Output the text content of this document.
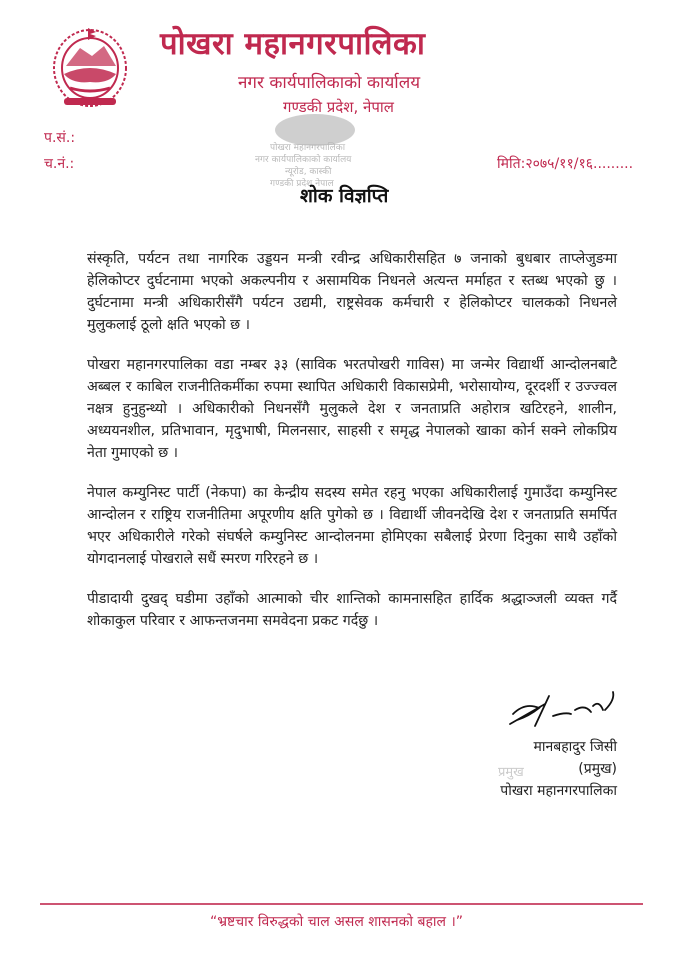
पोखरा महानगरपालिका
नगर कार्यपालिकाको कार्यालय
गण्डकी प्रदेश, नेपाल
पोखरा महानगरपालिका
नगर कार्यपालिकाको कार्यालय
न्यूरोड, कास्की
गण्डकी प्रदेश नेपाल
प.सं.:
च.नं.:	मिति:२०७५/११/१६.........
शोक विज्ञप्ति

संस्कृति, पर्यटन तथा नागरिक उड्डयन मन्त्री रवीन्द्र अधिकारीसहित ७ जनाको बुधबार ताप्लेजुङमा हेलिकोप्टर दुर्घटनामा भएको अकल्पनीय र असामयिक निधनले अत्यन्त मर्माहत र स्तब्ध भएको छु । दुर्घटनामा मन्त्री अधिकारीसँगै पर्यटन उद्यमी, राष्ट्रसेवक कर्मचारी र हेलिकोप्टर चालकको निधनले मुलुकलाई ठूलो क्षति भएको छ ।

पोखरा महानगरपालिका वडा नम्बर ३३ (साविक भरतपोखरी गाविस) मा जन्मेर विद्यार्थी आन्दोलनबाटै अब्बल र काबिल राजनीतिकर्मीका रुपमा स्थापित अधिकारी विकासप्रेमी, भरोसायोग्य, दूरदर्शी र उज्ज्वल नक्षत्र हुनुहुन्थ्यो । अधिकारीको निधनसँगै मुलुकले देश र जनताप्रति अहोरात्र खटिरहने, शालीन, अध्ययनशील, प्रतिभावान, मृदुभाषी, मिलनसार, साहसी र समृद्ध नेपालको खाका कोर्न सक्ने लोकप्रिय नेता गुमाएको छ ।

नेपाल कम्युनिस्ट पार्टी (नेकपा) का केन्द्रीय सदस्य समेत रहनु भएका अधिकारीलाई गुमाउँदा कम्युनिस्ट आन्दोलन र राष्ट्रिय राजनीतिमा अपूरणीय क्षति पुगेको छ । विद्यार्थी जीवनदेखि देश र जनताप्रति समर्पित भएर अधिकारीले गरेको संघर्षले कम्युनिस्ट आन्दोलनमा होमिएका सबैलाई प्रेरणा दिनुका साथै उहाँको योगदानलाई पोखराले सधैं स्मरण गरिरहने छ ।

पीडादायी दुखद् घडीमा उहाँको आत्माको चीर शान्तिको कामनासहित हार्दिक श्रद्धाञ्जली व्यक्त गर्दै शोकाकुल परिवार र आफन्तजनमा समवेदना प्रकट गर्दछु ।

प्रमुख
मानबहादुर जिसी
(प्रमुख)
पोखरा महानगरपालिका
“भ्रष्टचार विरुद्धको चाल असल शासनको बहाल ।”
